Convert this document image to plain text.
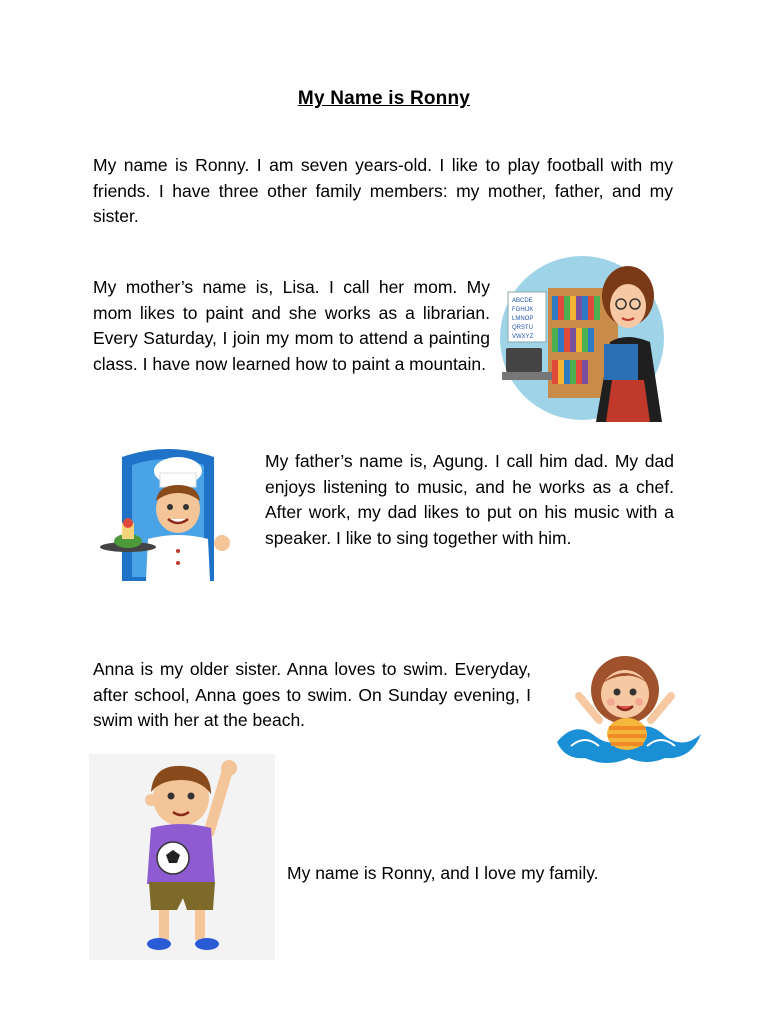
My Name is Ronny

My name is Ronny. I am seven years-old. I like to play football with my friends. I have three other family members: my mother, father, and my sister.

My mother’s name is, Lisa. I call her mom. My mom likes to paint and she works as a librarian. Every Saturday, I join my mom to attend a painting class. I have now learned how to paint a mountain.

My father’s name is, Agung. I call him dad. My dad enjoys listening to music, and he works as a chef. After work, my dad likes to put on his music with a speaker. I like to sing together with him.

Anna is my older sister. Anna loves to swim. Everyday, after school, Anna goes to swim. On Sunday evening, I swim with her at the beach.

My name is Ronny, and I love my family.

ABCDE
FGHIJK
LMNOP
QRSTU
VWXYZ
